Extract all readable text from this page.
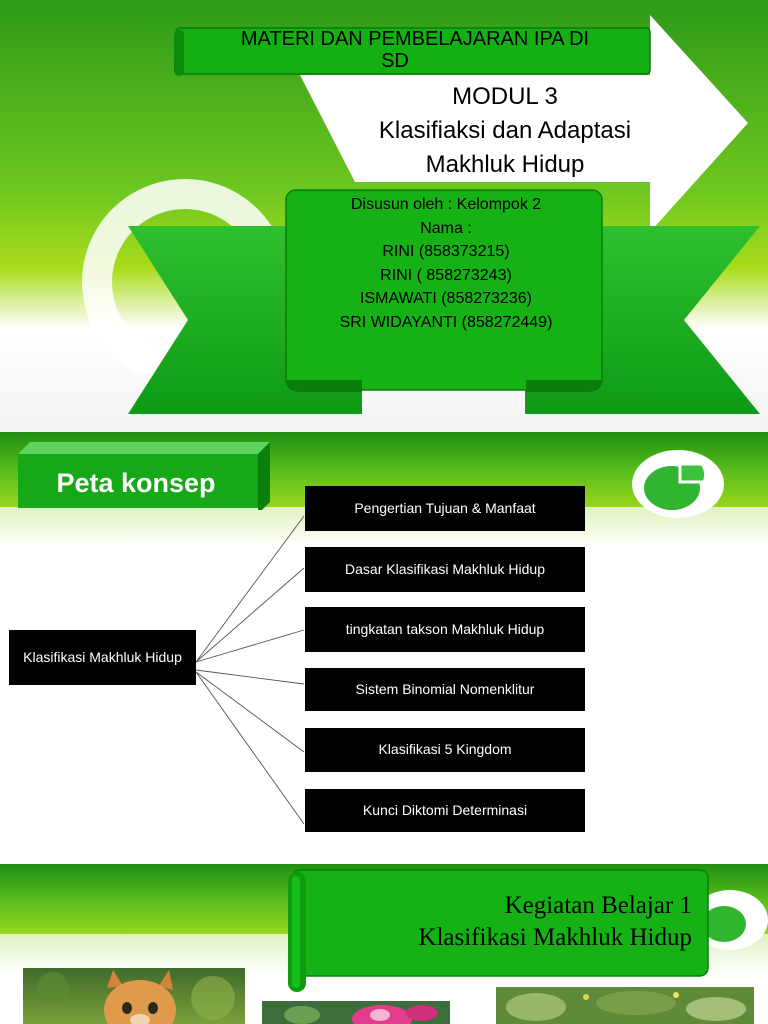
MATERI DAN PEMBELAJARAN IPA DI
SD
MODUL 3
Klasifiaksi dan Adaptasi
Makhluk Hidup
Disusun oleh : Kelompok 2
Nama :
RINI (858373215)
RINI ( 858273243)
ISMAWATI (858273236)
SRI WIDAYANTI (858272449)
Peta konsep
Klasifikasi Makhluk Hidup
Pengertian Tujuan & Manfaat
Dasar Klasifikasi Makhluk Hidup
tingkatan takson Makhluk Hidup
Sistem Binomial Nomenklitur
Klasifikasi 5 Kingdom
Kunci Diktomi Determinasi
Kegiatan Belajar 1
Klasifikasi Makhluk Hidup
